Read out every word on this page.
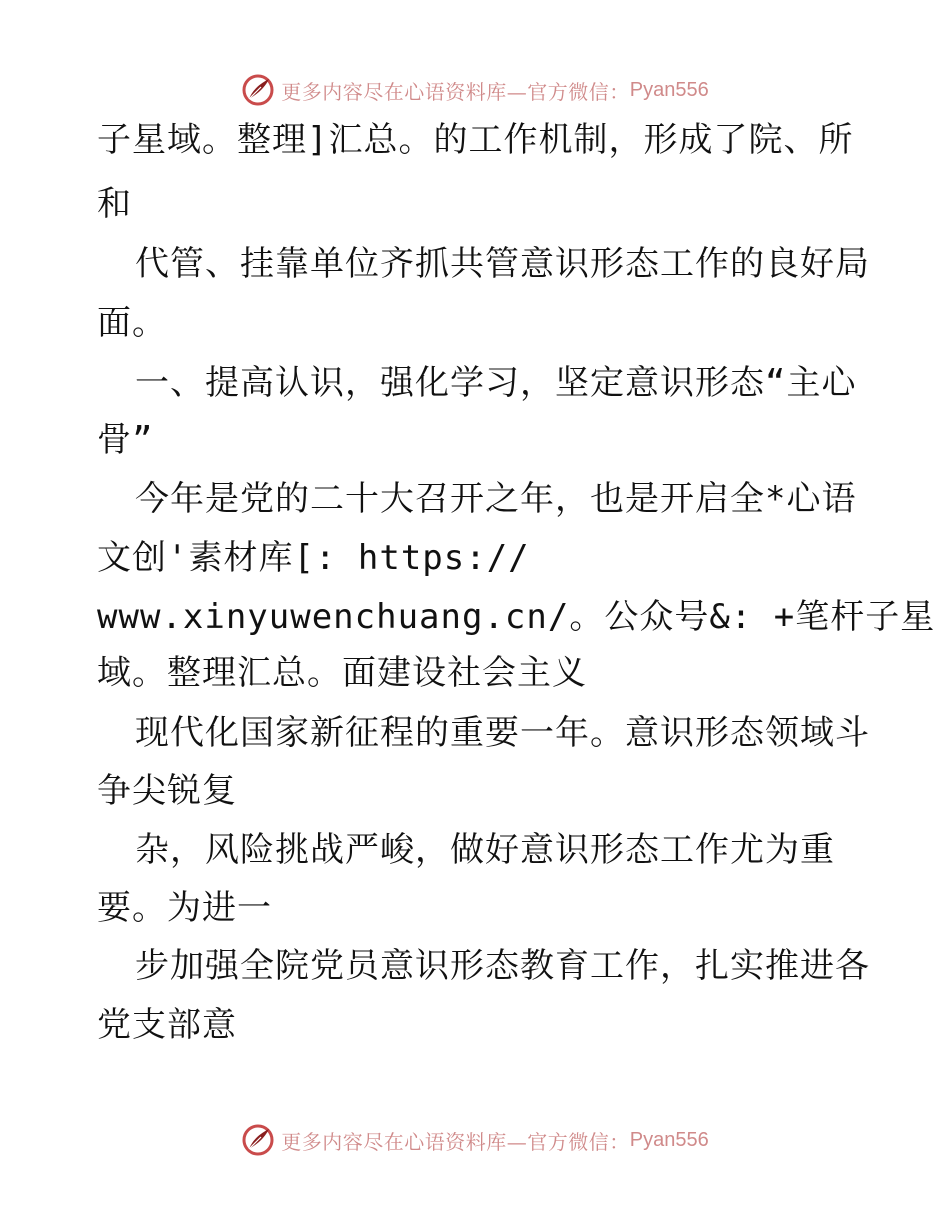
更多内容尽在心语资料库—官方微信： Pyan556
子星域。整理]汇总。的工作机制，形成了院、所
和
代管、挂靠单位齐抓共管意识形态工作的良好局
面。
一、提高认识，强化学习，坚定意识形态“主心
骨”
今年是党的二十大召开之年，也是开启全*心语
文创'素材库[: https://
www.xinyuwenchuang.cn/。公众号&: +笔杆子星
域。整理汇总。面建设社会主义
现代化国家新征程的重要一年。意识形态领域斗
争尖锐复
杂，风险挑战严峻，做好意识形态工作尤为重
要。为进一
步加强全院党员意识形态教育工作，扎实推进各
党支部意
更多内容尽在心语资料库—官方微信： Pyan556
